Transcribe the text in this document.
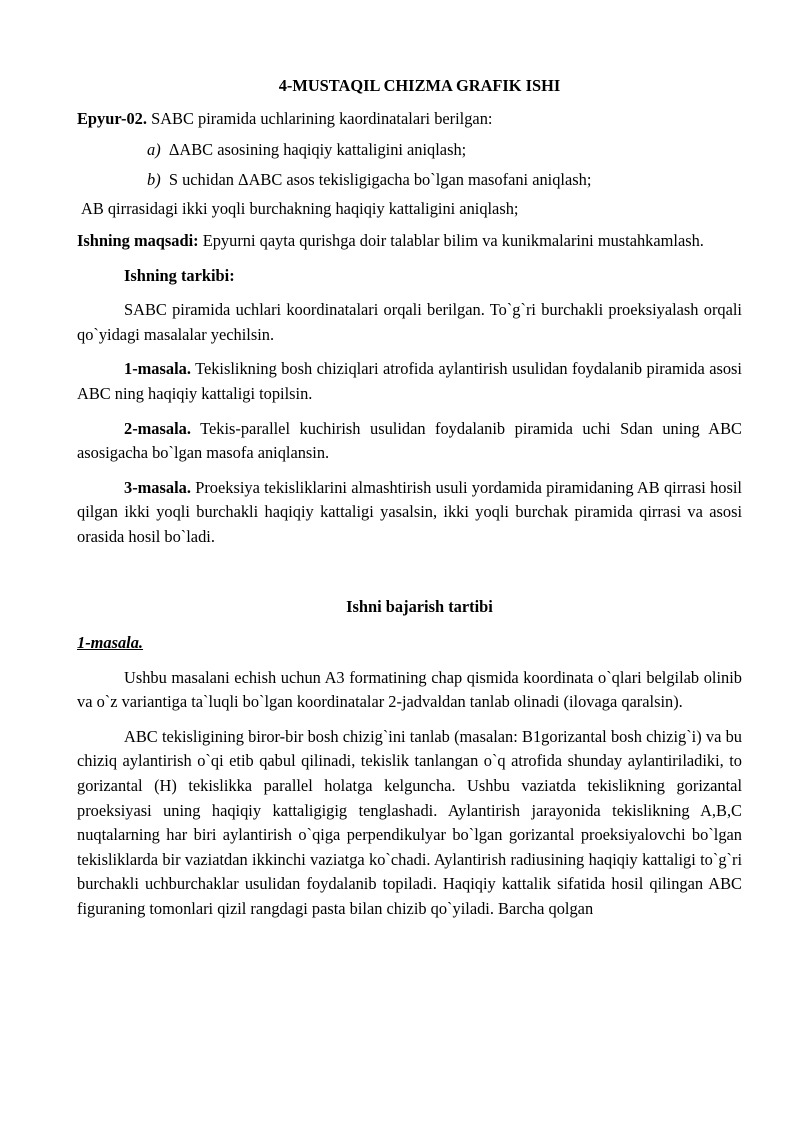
4-MUSTAQIL CHIZMA GRAFIK ISHI

Epyur-02. SABC piramida uchlarining kaordinatalari berilgan:

a) ΔABC asosining haqiqiy kattaligini aniqlash;

b) S uchidan ΔABC asos tekisligigacha bo`lgan masofani aniqlash;

AB qirrasidagi ikki yoqli burchakning haqiqiy kattaligini aniqlash;

Ishning maqsadi: Epyurni qayta qurishga doir talablar bilim va kunikmalarini mustahkamlash.

Ishning tarkibi:

SABC piramida uchlari koordinatalari orqali berilgan. To`g`ri burchakli proeksiyalash orqali qo`yidagi masalalar yechilsin.

1-masala. Tekislikning bosh chiziqlari atrofida aylantirish usulidan foydalanib piramida asosi ABC ning haqiqiy kattaligi topilsin.

2-masala. Tekis-parallel kuchirish usulidan foydalanib piramida uchi Sdan uning ABC asosigacha bo`lgan masofa aniqlansin.

3-masala. Proeksiya tekisliklarini almashtirish usuli yordamida piramidaning AB qirrasi hosil qilgan ikki yoqli burchakli haqiqiy kattaligi yasalsin, ikki yoqli burchak piramida qirrasi va asosi orasida hosil bo`ladi.

Ishni bajarish tartibi

1-masala.

Ushbu masalani echish uchun A3 formatining chap qismida koordinata o`qlari belgilab olinib va o`z variantiga ta`luqli bo`lgan koordinatalar 2-jadvaldan tanlab olinadi (ilovaga qaralsin).

ABC tekisligining biror-bir bosh chizig`ini tanlab (masalan: B1gorizantal bosh chizig`i) va bu chiziq aylantirish o`qi etib qabul qilinadi, tekislik tanlangan o`q atrofida shunday aylantiriladiki, to gorizantal (H) tekislikka parallel holatga kelguncha. Ushbu vaziatda tekislikning gorizantal proeksiyasi uning haqiqiy kattaligigig tenglashadi. Aylantirish jarayonida tekislikning A,B,C nuqtalarning har biri aylantirish o`qiga perpendikulyar bo`lgan gorizantal proeksiyalovchi bo`lgan tekisliklarda bir vaziatdan ikkinchi vaziatga ko`chadi. Aylantirish radiusining haqiqiy kattaligi to`g`ri burchakli uchburchaklar usulidan foydalanib topiladi. Haqiqiy kattalik sifatida hosil qilingan ABC figuraning tomonlari qizil rangdagi pasta bilan chizib qo`yiladi. Barcha qolgan
